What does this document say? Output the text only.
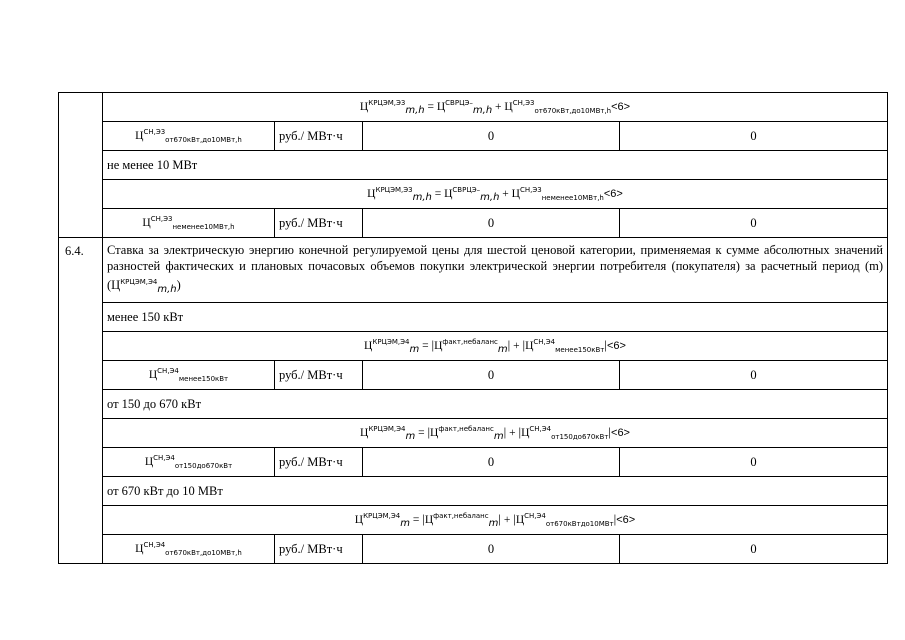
	$Ц^{КРЦЭМ,Э3}_{m,h} = Ц^{СВРЦЭ-}_{m,h} + Ц^{СН,Э3}_{от670кВт,до10МВт,h}<6>$			
	$Ц^{СН,Э3}_{от670кВт,до10МВт,h}$	руб./ МВт·ч	0	0
	не менее 10 МВт			
	$Ц^{КРЦЭМ,Э3}_{m,h} = Ц^{СВРЦЭ-}_{m,h} + Ц^{СН,Э3}_{неменее10МВт,h}<6>$			
	$Ц^{СН,Э3}_{неменее10МВт,h}$	руб./ МВт·ч	0	0
6.4.	Ставка за электрическую энергию конечной регулируемой цены для шестой ценовой категории, применяемая к сумме абсолютных значений разностей фактических и плановых почасовых объемов покупки электрической энергии потребителя (покупателя) за расчетный период (m) $(Ц^{КРЦЭМ,Э4}_{m,h})$			
	менее 150 кВт			
	$Ц^{КРЦЭМ,Э4}_m = |Ц^{факт,небаланс}_m| + |Ц^{СН,Э4}_{менее150кВт}|<6>$			
	$Ц^{СН,Э4}_{менее150кВт}$	руб./ МВт·ч	0	0
	от 150 до 670 кВт			
	$Ц^{КРЦЭМ,Э4}_m = |Ц^{факт,небаланс}_m| + |Ц^{СН,Э4}_{от150до670кВт}|<6>$			
	$Ц^{СН,Э4}_{от150до670кВт}$	руб./ МВт·ч	0	0
	от 670 кВт до 10 МВт			
	$Ц^{КРЦЭМ,Э4}_m = |Ц^{факт,небаланс}_m| + |Ц^{СН,Э4}_{от670кВтдо10МВт}|<6>$			
	$Ц^{СН,Э4}_{от670кВт,до10МВт,h}$	руб./ МВт·ч	0	0
